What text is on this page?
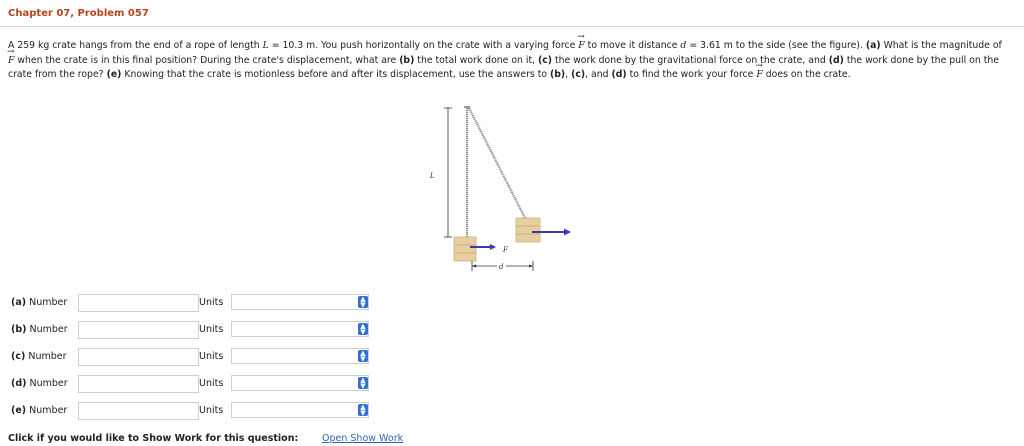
Chapter 07, Problem 057
A 259 kg crate hangs from the end of a rope of length L = 10.3 m. You push horizontally on the crate with a varying force → F to move it distance d = 3.61 m to the side (see the figure). (a) What is the magnitude of → F when the crate is in this final position? During the crate's displacement, what are (b) the total work done on it, (c) the work done by the gravitational force on the crate, and (d) the work done by the pull on the crate from the rope? (e) Knowing that the crate is motionless before and after its displacement, use the answers to (b), (c), and (d) to find the work your force → F does on the crate.
L
F
d
(a) Number	Units	▲
▼
(b) Number	Units	▲
▼
(c) Number	Units	▲
▼
(d) Number	Units	▲
▼
(e) Number	Units	▲
▼
Click if you would like to Show Work for this question: Open Show Work
